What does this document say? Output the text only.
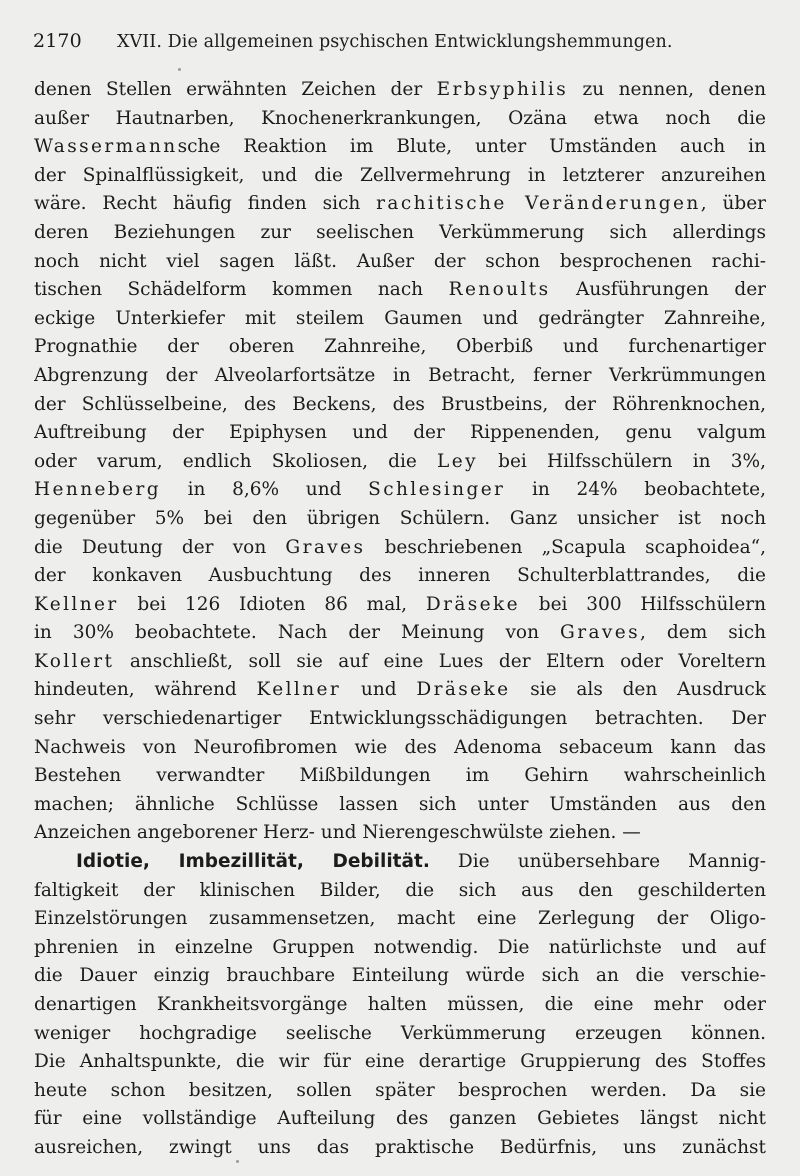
2170 XVII. Die allgemeinen psychischen Entwicklungshemmungen.
denen Stellen erwähnten Zeichen der Erbsyphilis zu nennen, denen
außer Hautnarben, Knochenerkrankungen, Ozäna etwa noch die
Wassermannsche Reaktion im Blute, unter Umständen auch in
der Spinalflüssigkeit, und die Zellvermehrung in letzterer anzureihen
wäre. Recht häufig finden sich rachitische Veränderungen, über
deren Beziehungen zur seelischen Verkümmerung sich allerdings
noch nicht viel sagen läßt. Außer der schon besprochenen rachi-
tischen Schädelform kommen nach Renoults Ausführungen der
eckige Unterkiefer mit steilem Gaumen und gedrängter Zahnreihe,
Prognathie der oberen Zahnreihe, Oberbiß und furchenartiger
Abgrenzung der Alveolarfortsätze in Betracht, ferner Verkrümmungen
der Schlüsselbeine, des Beckens, des Brustbeins, der Röhrenknochen,
Auftreibung der Epiphysen und der Rippenenden, genu valgum
oder varum, endlich Skoliosen, die Ley bei Hilfsschülern in 3%,
Henneberg in 8,6% und Schlesinger in 24% beobachtete,
gegenüber 5% bei den übrigen Schülern. Ganz unsicher ist noch
die Deutung der von Graves beschriebenen „Scapula scaphoidea“,
der konkaven Ausbuchtung des inneren Schulterblattrandes, die
Kellner bei 126 Idioten 86 mal, Dräseke bei 300 Hilfsschülern
in 30% beobachtete. Nach der Meinung von Graves, dem sich
Kollert anschließt, soll sie auf eine Lues der Eltern oder Voreltern
hindeuten, während Kellner und Dräseke sie als den Ausdruck
sehr verschiedenartiger Entwicklungsschädigungen betrachten. Der
Nachweis von Neurofibromen wie des Adenoma sebaceum kann das
Bestehen verwandter Mißbildungen im Gehirn wahrscheinlich
machen; ähnliche Schlüsse lassen sich unter Umständen aus den
Anzeichen angeborener Herz- und Nierengeschwülste ziehen. —
Idiotie, Imbezillität, Debilität. Die unübersehbare Mannig-
faltigkeit der klinischen Bilder, die sich aus den geschilderten
Einzelstörungen zusammensetzen, macht eine Zerlegung der Oligo-
phrenien in einzelne Gruppen notwendig. Die natürlichste und auf
die Dauer einzig brauchbare Einteilung würde sich an die verschie-
denartigen Krankheitsvorgänge halten müssen, die eine mehr oder
weniger hochgradige seelische Verkümmerung erzeugen können.
Die Anhaltspunkte, die wir für eine derartige Gruppierung des Stoffes
heute schon besitzen, sollen später besprochen werden. Da sie
für eine vollständige Aufteilung des ganzen Gebietes längst nicht
ausreichen, zwingt uns das praktische Bedürfnis, uns zunächst
